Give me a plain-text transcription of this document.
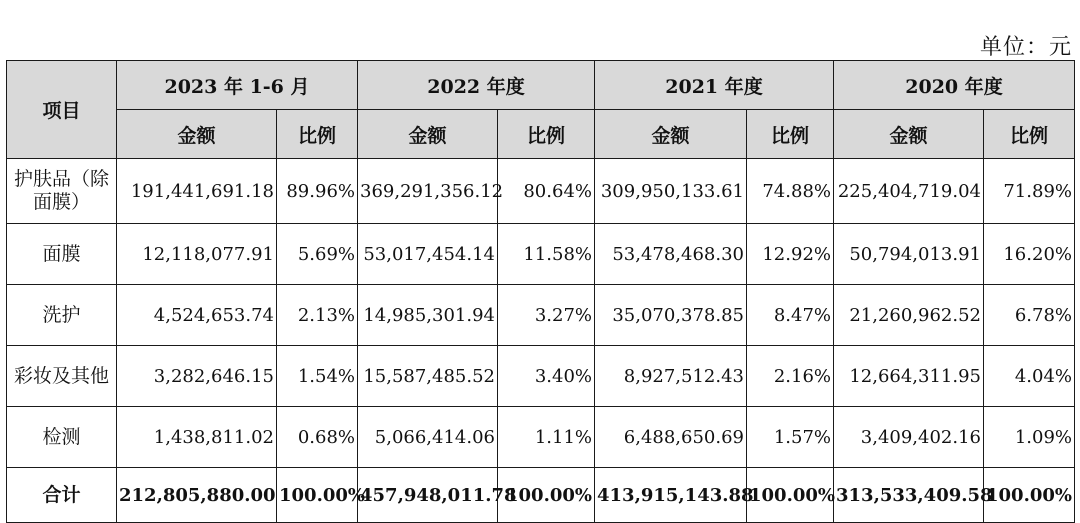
单位：元
项目	2023 年 1-6 月		2022 年度		2021 年度		2020 年度	
	金额	比例	金额	比例	金额	比例	金额	比例
护肤品（除面膜）	191,441,691.18	89.96%	369,291,356.12	80.64%	309,950,133.61	74.88%	225,404,719.04	71.89%
面膜	12,118,077.91	5.69%	53,017,454.14	11.58%	53,478,468.30	12.92%	50,794,013.91	16.20%
洗护	4,524,653.74	2.13%	14,985,301.94	3.27%	35,070,378.85	8.47%	21,260,962.52	6.78%
彩妆及其他	3,282,646.15	1.54%	15,587,485.52	3.40%	8,927,512.43	2.16%	12,664,311.95	4.04%
检测	1,438,811.02	0.68%	5,066,414.06	1.11%	6,488,650.69	1.57%	3,409,402.16	1.09%
合计	212,805,880.00	100.00%	457,948,011.78	100.00%	413,915,143.88	100.00%	313,533,409.58	100.00%
